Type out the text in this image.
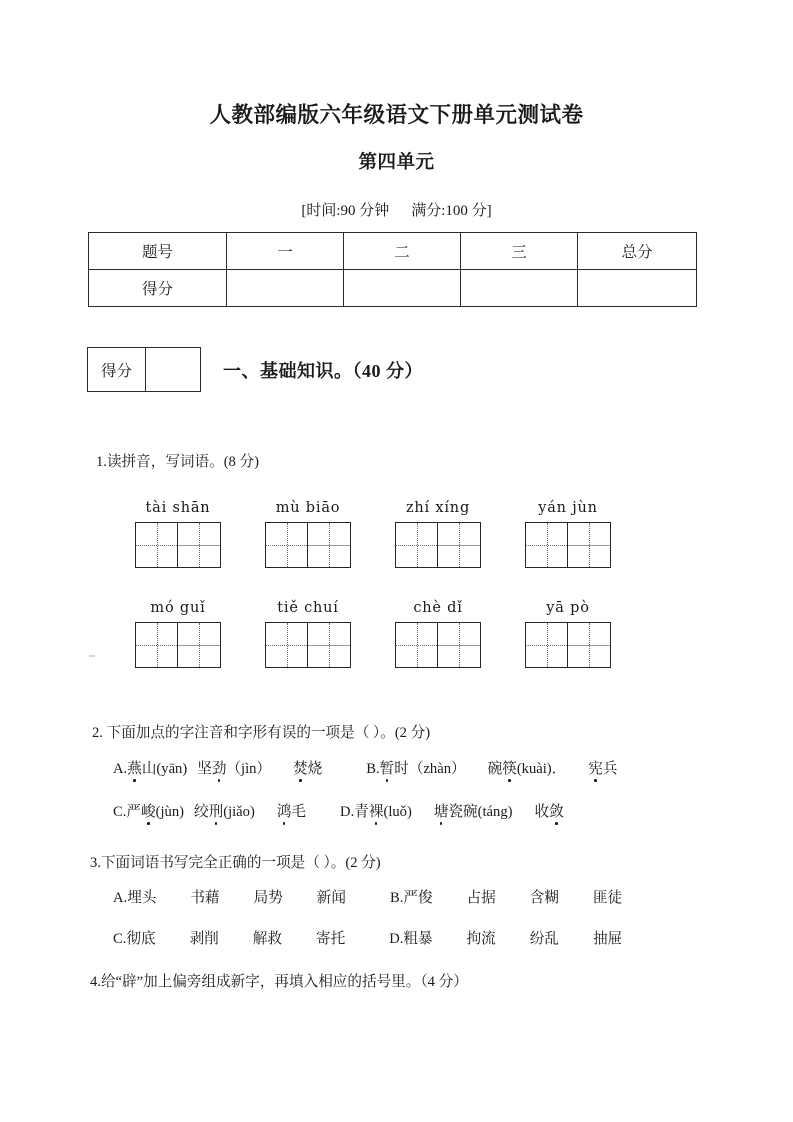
人教部编版六年级语文下册单元测试卷
第四单元
[时间:90 分钟 满分:100 分]
题号	一	二	三	总分
得分				
得分	一、基础知识。（40 分）
1.读拼音，写词语。(8 分)
tài shān	mù biāo	zhí xíng	yán jùn
mó guǐ	tiě chuí	chè dǐ	yā pò
2. 下面加点的字注音和字形有误的一项是（ ）。(2 分)
A.燕山(yān) 坚劲（jìn） 焚烧	B.暂时（zhàn） 碗筷(kuài)． 宪兵
C.严峻(jùn) 绞刑(jiǎo) 鸿毛 D.青裸(luǒ) 塘瓷碗(táng) 收敛
3.下面词语书写完全正确的一项是（ ）。(2 分)
A.埋头 书藉 局势 新闻	B.严俊 占据 含糊 匪徒
C.彻底 剥削 解救 寄托	D.粗暴 拘流 纷乱 抽屉
4.给“辟”加上偏旁组成新字，再填入相应的括号里。（4 分）
